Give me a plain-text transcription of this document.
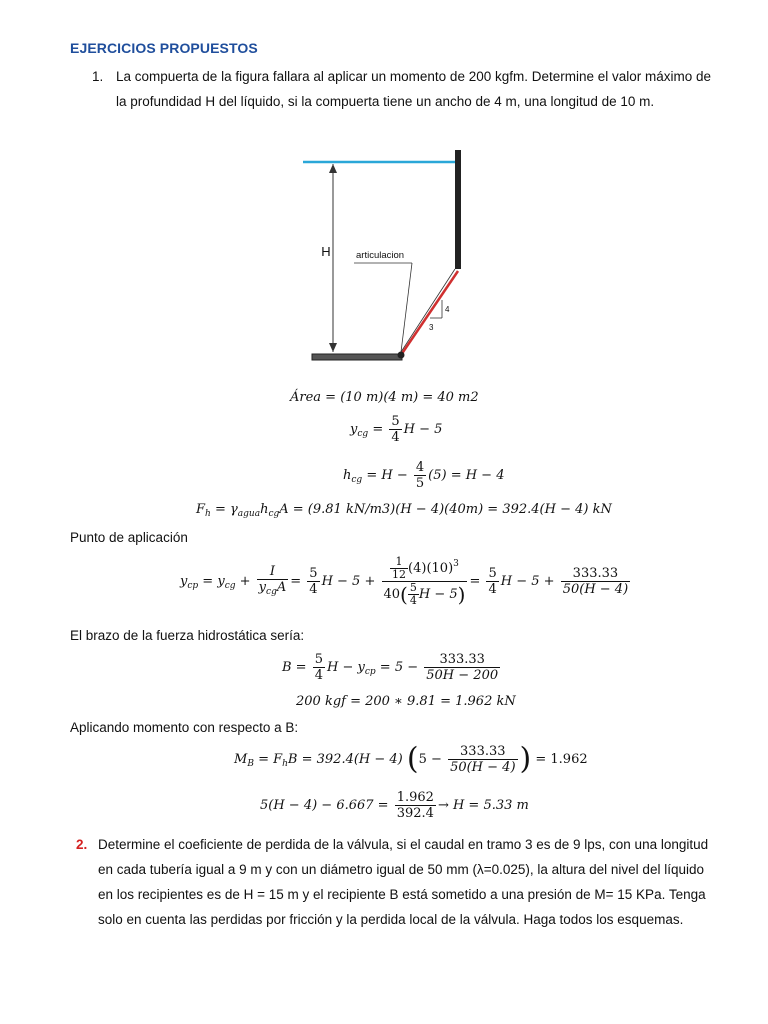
EJERCICIOS PROPUESTOS
1. La compuerta de la figura fallara al aplicar un momento de 200 kgfm. Determine el valor máximo de
la profundidad H del líquido, si la compuerta tiene un ancho de 4 m, una longitud de 10 m.
H	articulacion
4
3
Área = (10 m)(4 m) = 40 m2
$y_{cg} = \frac{5}{4}$ H − 5
$h_{cg} = H - \frac{4}{5} (5) = H - 4$
$F_h = \gamma_{agua}h_{cg}A = (9.81$ kN/m3)(H − 4)(40m) = 392.4(H − 4) kN
Punto de aplicación
$y_{cp} = y_{cg} + \frac{I}{y_{cg}A} = \frac{5}{4}$ $H - 5 + \frac{\frac{1}{12} (4)(10)^3}{40( \frac{5}{4} H - 5)} = \frac{5}{4}$ $H - 5 + \frac{333.33}{50(H - 4)}$
El brazo de la fuerza hidrostática sería:
$B = \frac{5}{4}$ $H - y_{cp} = 5 - \frac{333.33}{50H - 200}$
200 kgf = 200 ∗ 9.81 = 1.962 kN
Aplicando momento con respecto a B:
$M_B = F_hB = 392.4(H - 4) (5 - \frac{333.33}{50(H - 4)}$ ) = 1.962
$5(H - 4) - 6.667 = \frac{1.962}{392.4} \to H = 5.33$ m
2. Determine el coeficiente de perdida de la válvula, si el caudal en tramo 3 es de 9 lps, con una longitud
en cada tubería igual a 9 m y con un diámetro igual de 50 mm (λ=0.025), la altura del nivel del líquido
en los recipientes es de H = 15 m y el recipiente B está sometido a una presión de M= 15 KPa. Tenga
solo en cuenta las perdidas por fricción y la perdida local de la válvula. Haga todos los esquemas.
